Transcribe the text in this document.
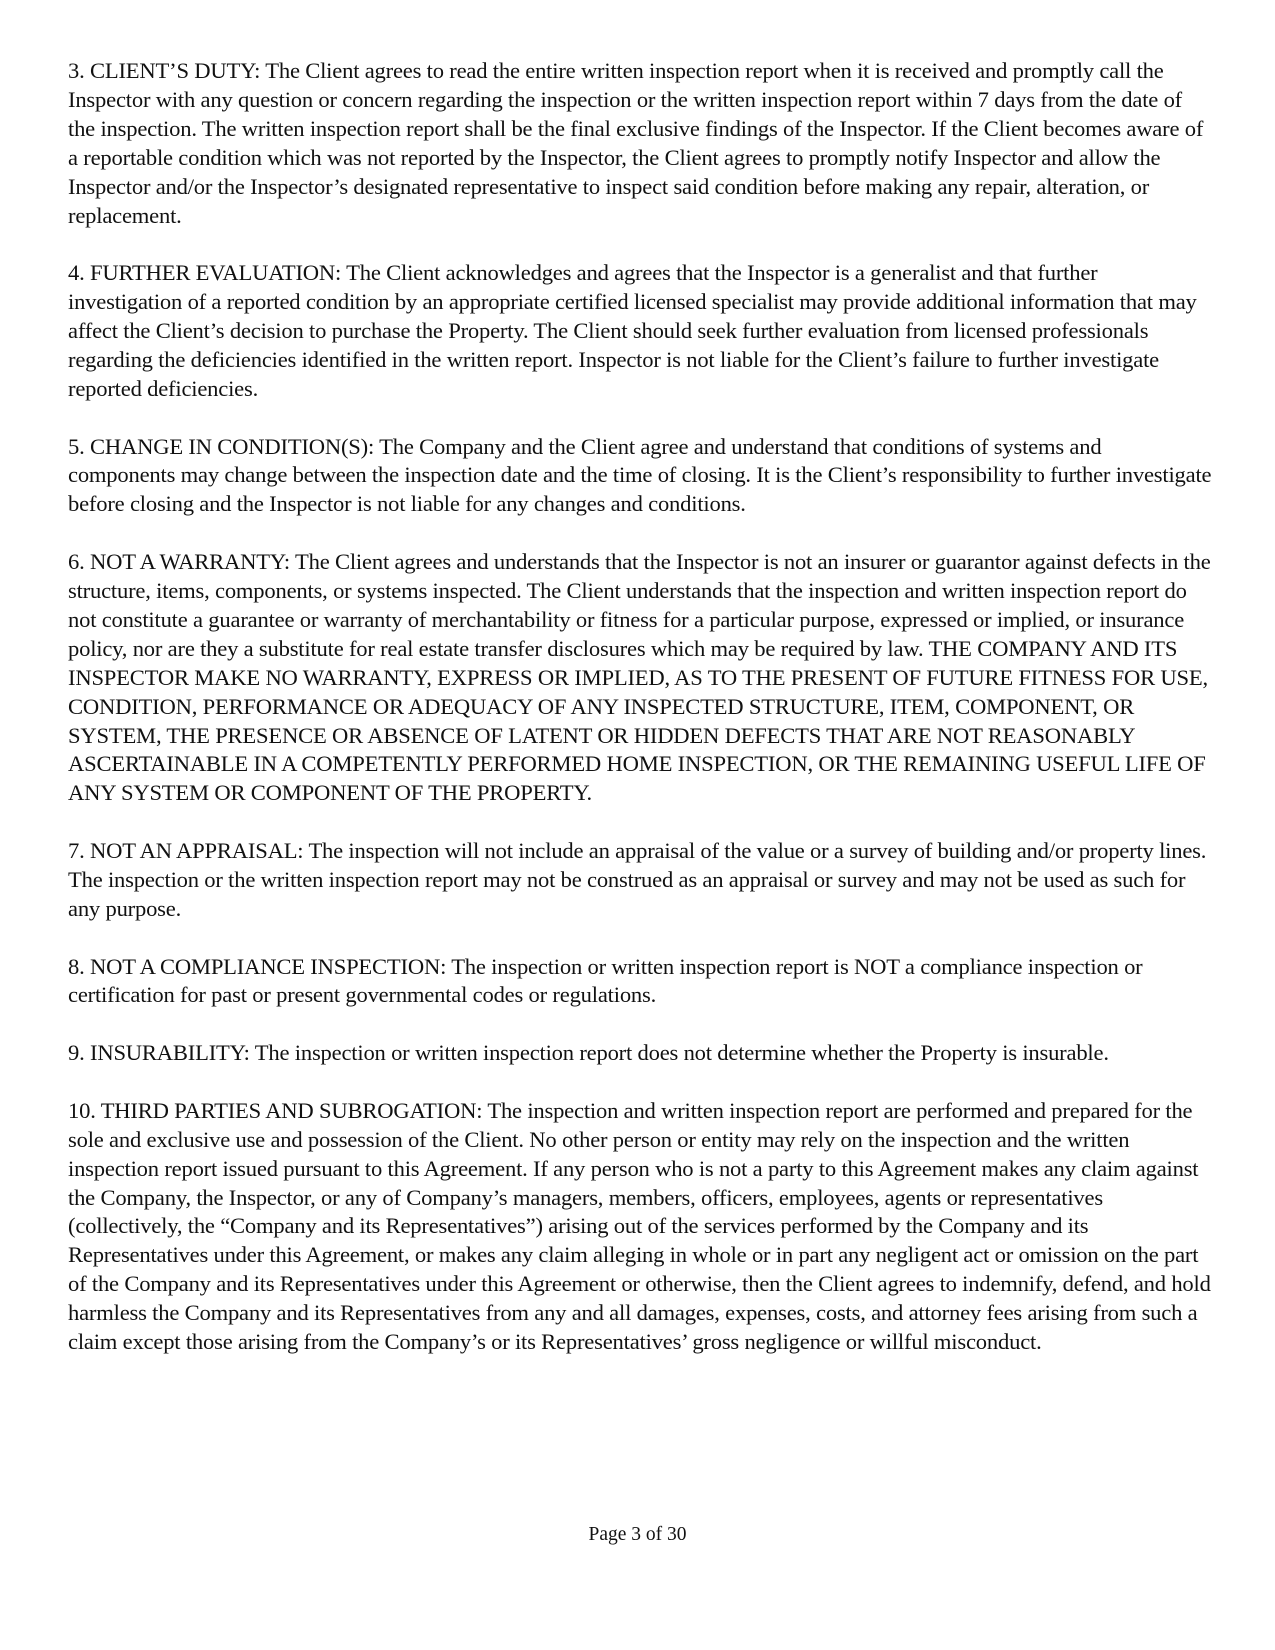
3. CLIENT’S DUTY: The Client agrees to read the entire written inspection report when it is received and promptly call the Inspector with any question or concern regarding the inspection or the written inspection report within 7 days from the date of the inspection. The written inspection report shall be the final exclusive findings of the Inspector. If the Client becomes aware of a reportable condition which was not reported by the Inspector, the Client agrees to promptly notify Inspector and allow the Inspector and/or the Inspector’s designated representative to inspect said condition before making any repair, alteration, or replacement.

4. FURTHER EVALUATION: The Client acknowledges and agrees that the Inspector is a generalist and that further investigation of a reported condition by an appropriate certified licensed specialist may provide additional information that may affect the Client’s decision to purchase the Property. The Client should seek further evaluation from licensed professionals regarding the deficiencies identified in the written report. Inspector is not liable for the Client’s failure to further investigate reported deficiencies.

5. CHANGE IN CONDITION(S): The Company and the Client agree and understand that conditions of systems and components may change between the inspection date and the time of closing. It is the Client’s responsibility to further investigate before closing and the Inspector is not liable for any changes and conditions.

6. NOT A WARRANTY: The Client agrees and understands that the Inspector is not an insurer or guarantor against defects in the structure, items, components, or systems inspected. The Client understands that the inspection and written inspection report do not constitute a guarantee or warranty of merchantability or fitness for a particular purpose, expressed or implied, or insurance policy, nor are they a substitute for real estate transfer disclosures which may be required by law. THE COMPANY AND ITS INSPECTOR MAKE NO WARRANTY, EXPRESS OR IMPLIED, AS TO THE PRESENT OF FUTURE FITNESS FOR USE, CONDITION, PERFORMANCE OR ADEQUACY OF ANY INSPECTED STRUCTURE, ITEM, COMPONENT, OR SYSTEM, THE PRESENCE OR ABSENCE OF LATENT OR HIDDEN DEFECTS THAT ARE NOT REASONABLY ASCERTAINABLE IN A COMPETENTLY PERFORMED HOME INSPECTION, OR THE REMAINING USEFUL LIFE OF ANY SYSTEM OR COMPONENT OF THE PROPERTY.

7. NOT AN APPRAISAL: The inspection will not include an appraisal of the value or a survey of building and/or property lines. The inspection or the written inspection report may not be construed as an appraisal or survey and may not be used as such for any purpose.

8. NOT A COMPLIANCE INSPECTION: The inspection or written inspection report is NOT a compliance inspection or certification for past or present governmental codes or regulations.

9. INSURABILITY: The inspection or written inspection report does not determine whether the Property is insurable.

10. THIRD PARTIES AND SUBROGATION: The inspection and written inspection report are performed and prepared for the sole and exclusive use and possession of the Client. No other person or entity may rely on the inspection and the written inspection report issued pursuant to this Agreement. If any person who is not a party to this Agreement makes any claim against the Company, the Inspector, or any of Company’s managers, members, officers, employees, agents or representatives (collectively, the “Company and its Representatives”) arising out of the services performed by the Company and its Representatives under this Agreement, or makes any claim alleging in whole or in part any negligent act or omission on the part of the Company and its Representatives under this Agreement or otherwise, then the Client agrees to indemnify, defend, and hold harmless the Company and its Representatives from any and all damages, expenses, costs, and attorney fees arising from such a claim except those arising from the Company’s or its Representatives’ gross negligence or willful misconduct.

Page 3 of 30
